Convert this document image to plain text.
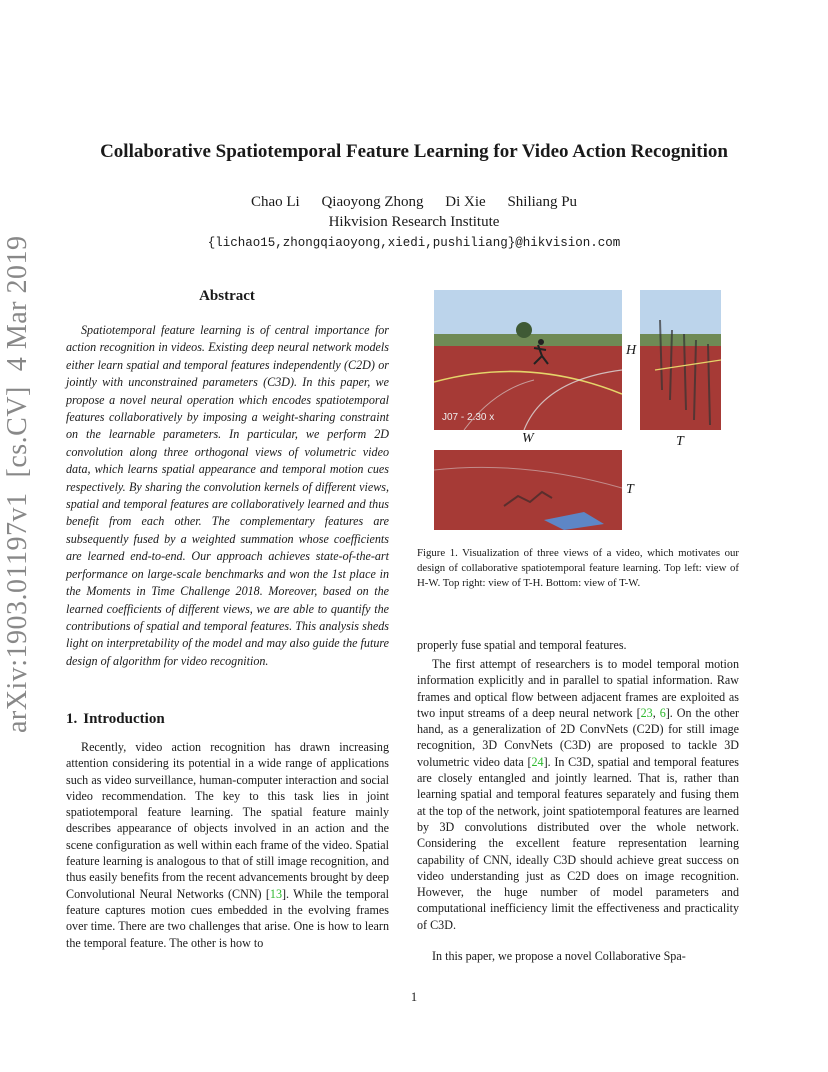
Collaborative Spatiotemporal Feature Learning for Video Action Recognition
Chao Li Qiaoyong Zhong Di Xie Shiliang Pu
Hikvision Research Institute
{lichao15,zhongqiaoyong,xiedi,pushiliang}@hikvision.com
arXiv:1903.01197v1  [cs.CV]  4 Mar 2019	Abstract
Spatiotemporal feature learning is of central importance for action recognition in videos. Existing deep neural network models either learn spatial and temporal features independently (C2D) or jointly with unconstrained parameters (C3D). In this paper, we propose a novel neural operation which encodes spatiotemporal features collaboratively by imposing a weight-sharing constraint on the learnable parameters. In particular, we perform 2D convolution along three orthogonal views of volumetric video data, which learns spatial appearance and temporal motion cues respectively. By sharing the convolution kernels of different views, spatial and temporal features are collaboratively learned and thus benefit from each other. The complementary features are subsequently fused by a weighted summation whose coefficients are learned end-to-end. Our approach achieves state-of-the-art performance on large-scale benchmarks and won the 1st place in the Moments in Time Challenge 2018. Moreover, based on the learned coefficients of different views, we are able to quantify the contributions of spatial and temporal features. This analysis sheds light on interpretability of the model and may also guide the future design of algorithm for video recognition.
1. Introduction
Recently, video action recognition has drawn increasing attention considering its potential in a wide range of applications such as video surveillance, human-computer interaction and social video recommendation. The key to this task lies in joint spatiotemporal feature learning. The spatial feature mainly describes appearance of objects involved in an action and the scene configuration as well within each frame of the video. Spatial feature learning is analogous to that of still image recognition, and thus easily benefits from the recent advancements brought by deep Convolutional Neural Networks (CNN) [13]. While the temporal feature captures motion cues embedded in the evolving frames over time. There are two challenges that arise. One is how to learn the temporal feature. The other is how to
J07 - 2.30 x
H
W	T
T
Figure 1. Visualization of three views of a video, which motivates our design of collaborative spatiotemporal feature learning. Top left: view of H-W. Top right: view of T-H. Bottom: view of T-W.
properly fuse spatial and temporal features.
The first attempt of researchers is to model temporal motion information explicitly and in parallel to spatial information. Raw frames and optical flow between adjacent frames are exploited as two input streams of a deep neural network [23, 6]. On the other hand, as a generalization of 2D ConvNets (C2D) for still image recognition, 3D ConvNets (C3D) are proposed to tackle 3D volumetric video data [24]. In C3D, spatial and temporal features are closely entangled and jointly learned. That is, rather than learning spatial and temporal features separately and fusing them at the top of the network, joint spatiotemporal features are learned by 3D convolutions distributed over the whole network. Considering the excellent feature representation learning capability of CNN, ideally C3D should achieve great success on video understanding just as C2D does on image recognition. However, the huge number of model parameters and computational inefficiency limit the effectiveness and practicality of C3D.
In this paper, we propose a novel Collaborative Spa-
1
